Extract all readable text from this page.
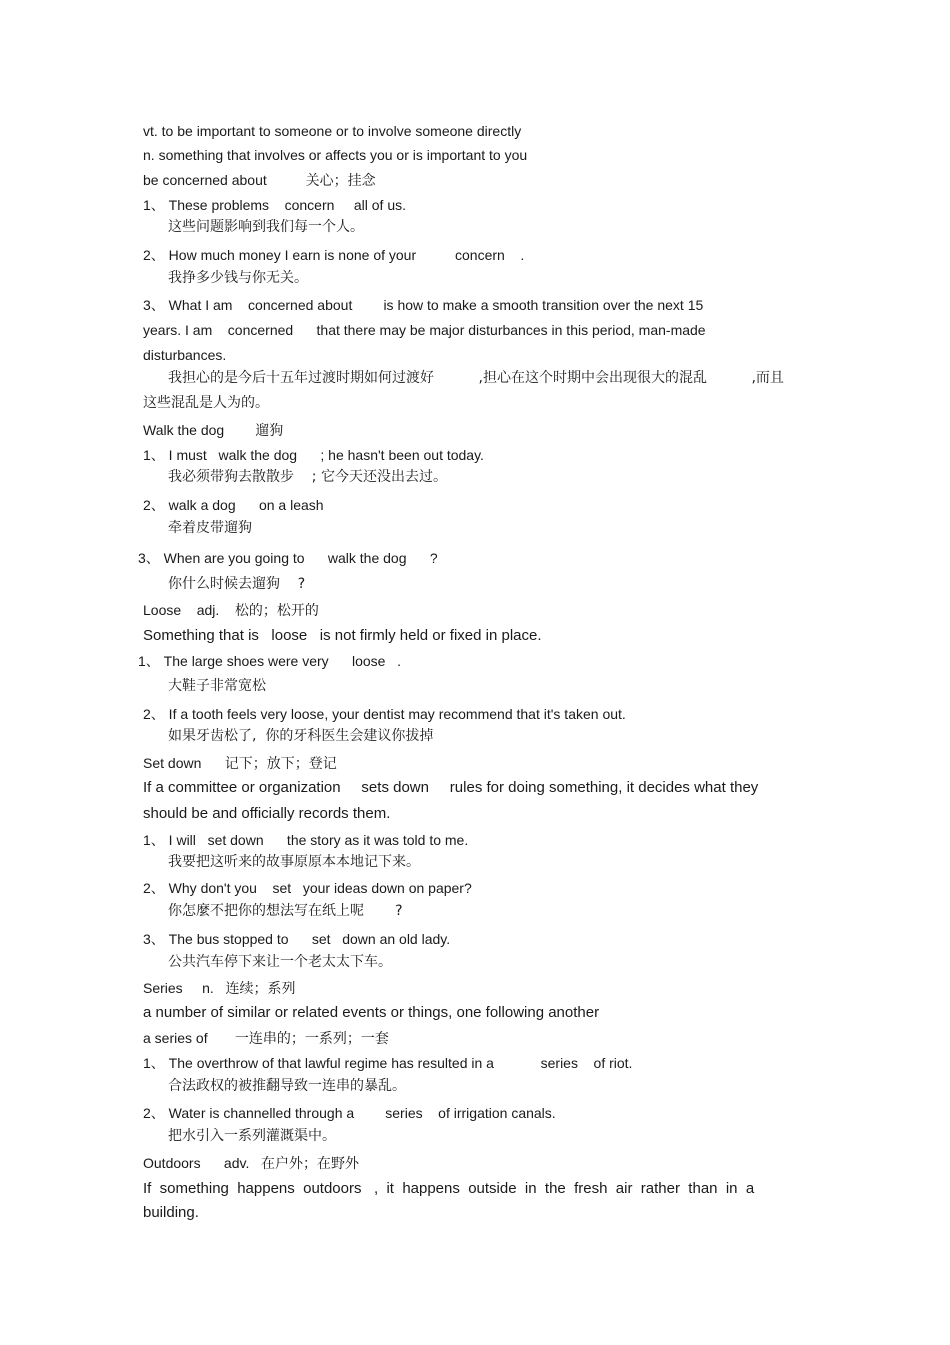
vt. to be important to someone or to involve someone directly
n. something that involves or affects you or is important to you
be concerned about          关心；挂念
1、 These problems    concern     all of us.
这些问题影响到我们每一个人。
2、 How much money I earn is none of your          concern    .
我挣多少钱与你无关。
3、 What I am    concerned about        is how to make a smooth transition over the next 15
years. I am    concerned      that there may be major disturbances in this period, man-made
disturbances.
我担心的是今后十五年过渡时期如何过渡好          ,担心在这个时期中会出现很大的混乱          ,而且
这些混乱是人为的。
Walk the dog        遛狗
1、 I must   walk the dog      ; he hasn't been out today.
我必须带狗去散散步    ; 它今天还没出去过。
2、 walk a dog      on a leash
牵着皮带遛狗
3、 When are you going to      walk the dog      ?
你什么时候去遛狗    ?
Loose    adj.    松的；松开的
Something that is   loose   is not firmly held or fixed in place.
1、 The large shoes were very      loose   .
大鞋子非常宽松
2、 If a tooth feels very loose, your dentist may recommend that it's taken out.
如果牙齿松了,  你的牙科医生会建议你拔掉
Set down      记下；放下；登记
If a committee or organization     sets down     rules for doing something, it decides what they
should be and officially records them.
1、 I will   set down      the story as it was told to me.
我要把这听来的故事原原本本地记下来。
2、 Why don't you    set   your ideas down on paper?
你怎麼不把你的想法写在纸上呢       ?
3、 The bus stopped to      set   down an old lady.
公共汽车停下来让一个老太太下车。
Series     n.   连续；系列
a number of similar or related events or things, one following another
a series of       一连串的；一系列；一套
1、 The overthrow of that lawful regime has resulted in a            series    of riot.
合法政权的被推翻导致一连串的暴乱。
2、 Water is channelled through a        series    of irrigation canals.
把水引入一系列灌溉渠中。
Outdoors      adv.   在户外；在野外
If  something  happens  outdoors   ,  it  happens  outside  in  the  fresh  air  rather  than  in  a
building.
